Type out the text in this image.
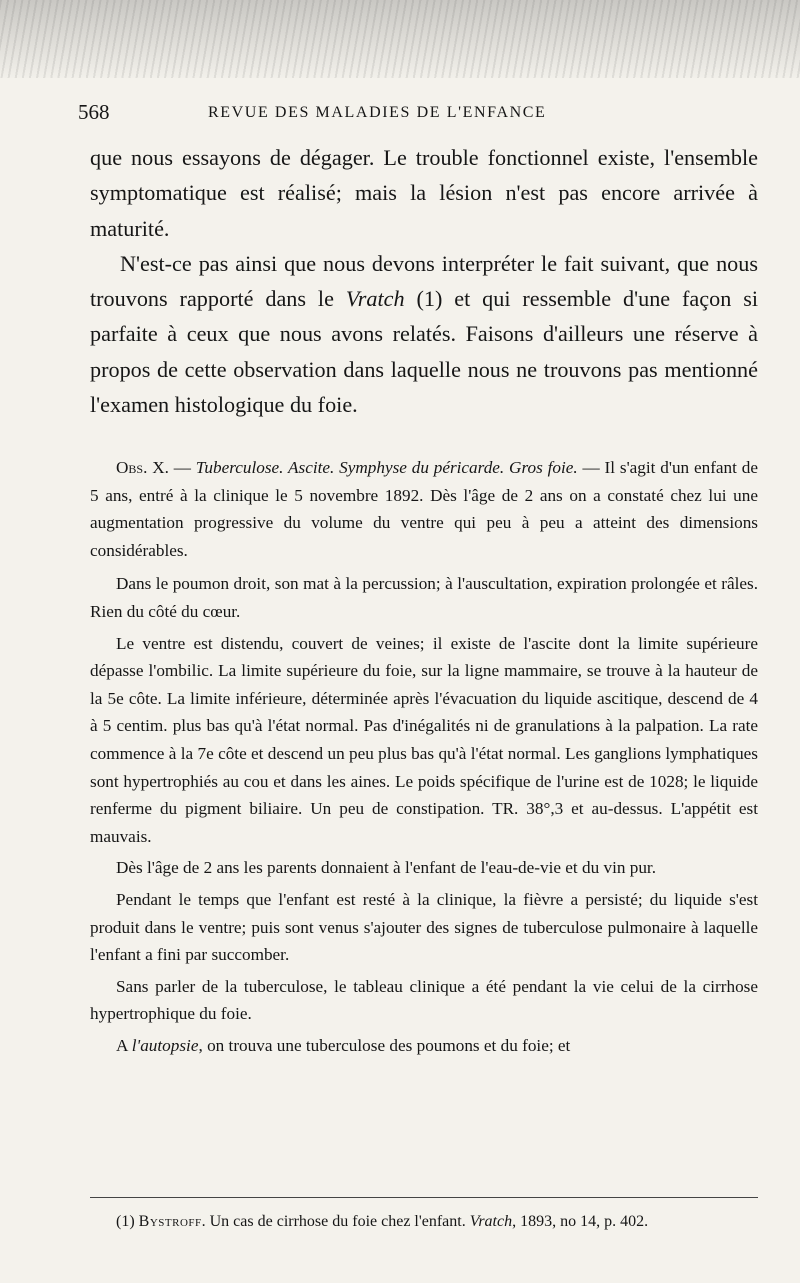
568	REVUE DES MALADIES DE L'ENFANCE

que nous essayons de dégager. Le trouble fonctionnel existe, l'ensemble symptomatique est réalisé; mais la lésion n'est pas encore arrivée à maturité.

N'est-ce pas ainsi que nous devons interpréter le fait suivant, que nous trouvons rapporté dans le Vratch (1) et qui ressemble d'une façon si parfaite à ceux que nous avons relatés. Faisons d'ailleurs une réserve à propos de cette observation dans laquelle nous ne trouvons pas mentionné l'examen histologique du foie.

Obs. X. — Tuberculose. Ascite. Symphyse du péricarde. Gros foie. — Il s'agit d'un enfant de 5 ans, entré à la clinique le 5 novembre 1892. Dès l'âge de 2 ans on a constaté chez lui une augmentation progressive du volume du ventre qui peu à peu a atteint des dimensions considérables.

Dans le poumon droit, son mat à la percussion; à l'auscultation, expiration prolongée et râles. Rien du côté du cœur.

Le ventre est distendu, couvert de veines; il existe de l'ascite dont la limite supérieure dépasse l'ombilic. La limite supérieure du foie, sur la ligne mammaire, se trouve à la hauteur de la 5e côte. La limite inférieure, déterminée après l'évacuation du liquide ascitique, descend de 4 à 5 centim. plus bas qu'à l'état normal. Pas d'inégalités ni de granulations à la palpation. La rate commence à la 7e côte et descend un peu plus bas qu'à l'état normal. Les ganglions lymphatiques sont hypertrophiés au cou et dans les aines. Le poids spécifique de l'urine est de 1028; le liquide renferme du pigment biliaire. Un peu de constipation. TR. 38°,3 et au-dessus. L'appétit est mauvais.

Dès l'âge de 2 ans les parents donnaient à l'enfant de l'eau-de-vie et du vin pur.

Pendant le temps que l'enfant est resté à la clinique, la fièvre a persisté; du liquide s'est produit dans le ventre; puis sont venus s'ajouter des signes de tuberculose pulmonaire à laquelle l'enfant a fini par succomber.

Sans parler de la tuberculose, le tableau clinique a été pendant la vie celui de la cirrhose hypertrophique du foie.

A l'autopsie, on trouva une tuberculose des poumons et du foie; et

(1) Bystroff. Un cas de cirrhose du foie chez l'enfant. Vratch, 1893, no 14, p. 402.
